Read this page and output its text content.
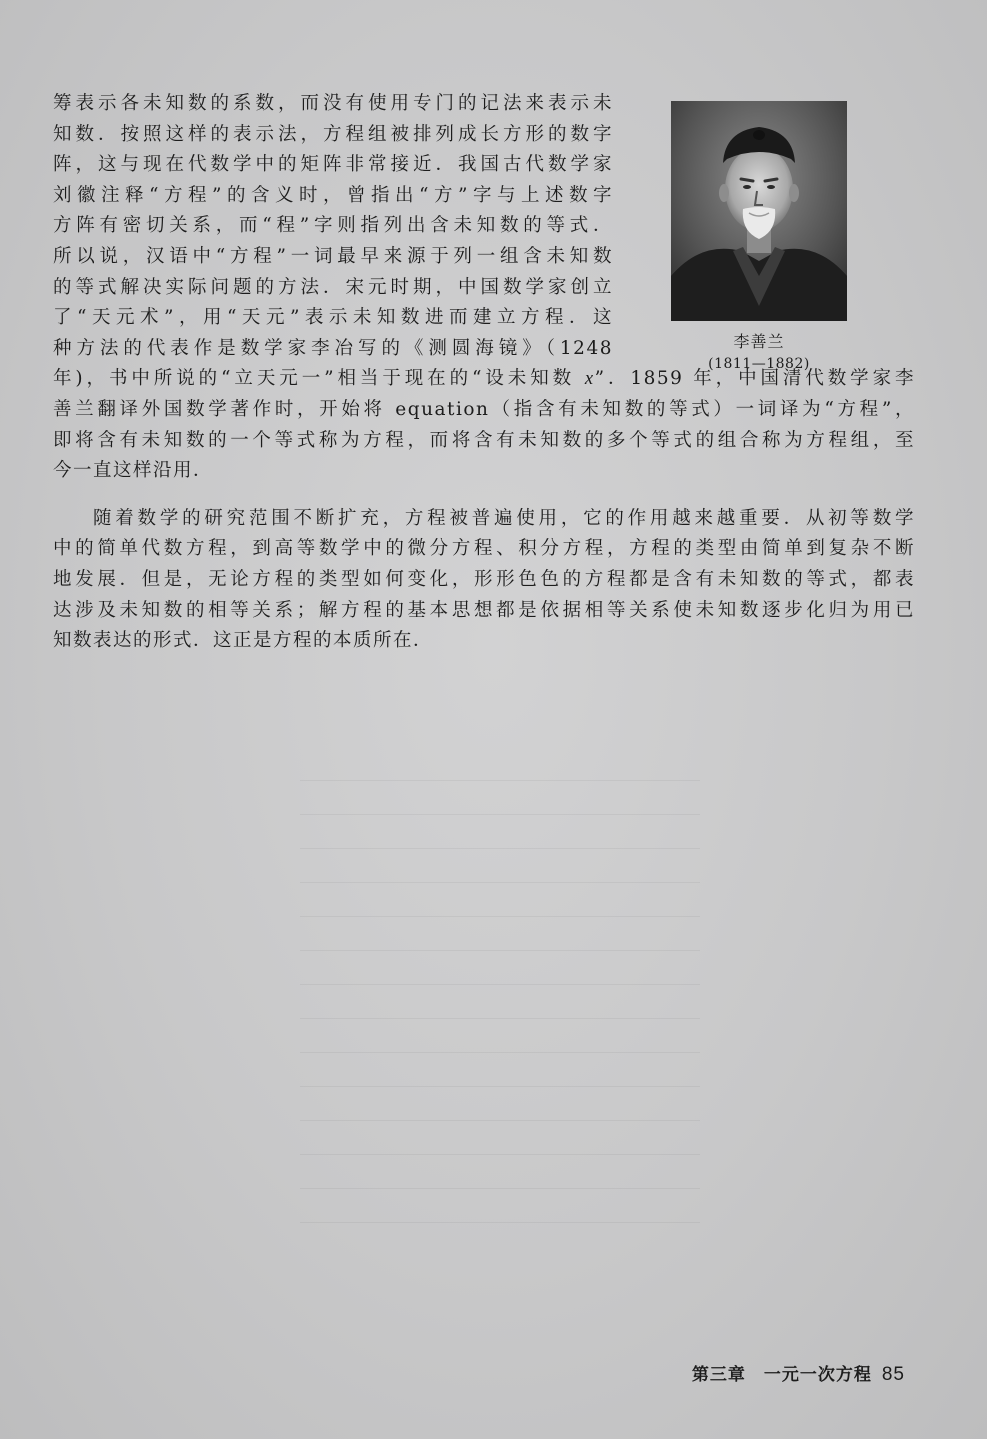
筹表示各未知数的系数，而没有使用专门的记法来表示未
知数．按照这样的表示法，方程组被排列成长方形的数字
阵，这与现在代数学中的矩阵非常接近．我国古代数学家
刘徽注释“方程”的含义时，曾指出“方”字与上述数字
方阵有密切关系，而“程”字则指列出含未知数的等式．
所以说，汉语中“方程”一词最早来源于列一组含未知数
的等式解决实际问题的方法．宋元时期，中国数学家创立
了“天元术”，用“天元”表示未知数进而建立方程．这
种方法的代表作是数学家李冶写的《测圆海镜》（1248
年)，书中所说的“立天元一”相当于现在的“设未知数 x”．1859 年，中国清代数学家李
善兰翻译外国数学著作时，开始将 equation（指含有未知数的等式）一词译为“方程”，
即将含有未知数的一个等式称为方程，而将含有未知数的多个等式的组合称为方程组，至
今一直这样沿用．
随着数学的研究范围不断扩充，方程被普遍使用，它的作用越来越重要．从初等数学
中的简单代数方程，到高等数学中的微分方程、积分方程，方程的类型由简单到复杂不断
地发展．但是，无论方程的类型如何变化，形形色色的方程都是含有未知数的等式，都表
达涉及未知数的相等关系；解方程的基本思想都是依据相等关系使未知数逐步化归为用已
知数表达的形式．这正是方程的本质所在．
李善兰
(1811—1882)
第三章　一元一次方程 85
